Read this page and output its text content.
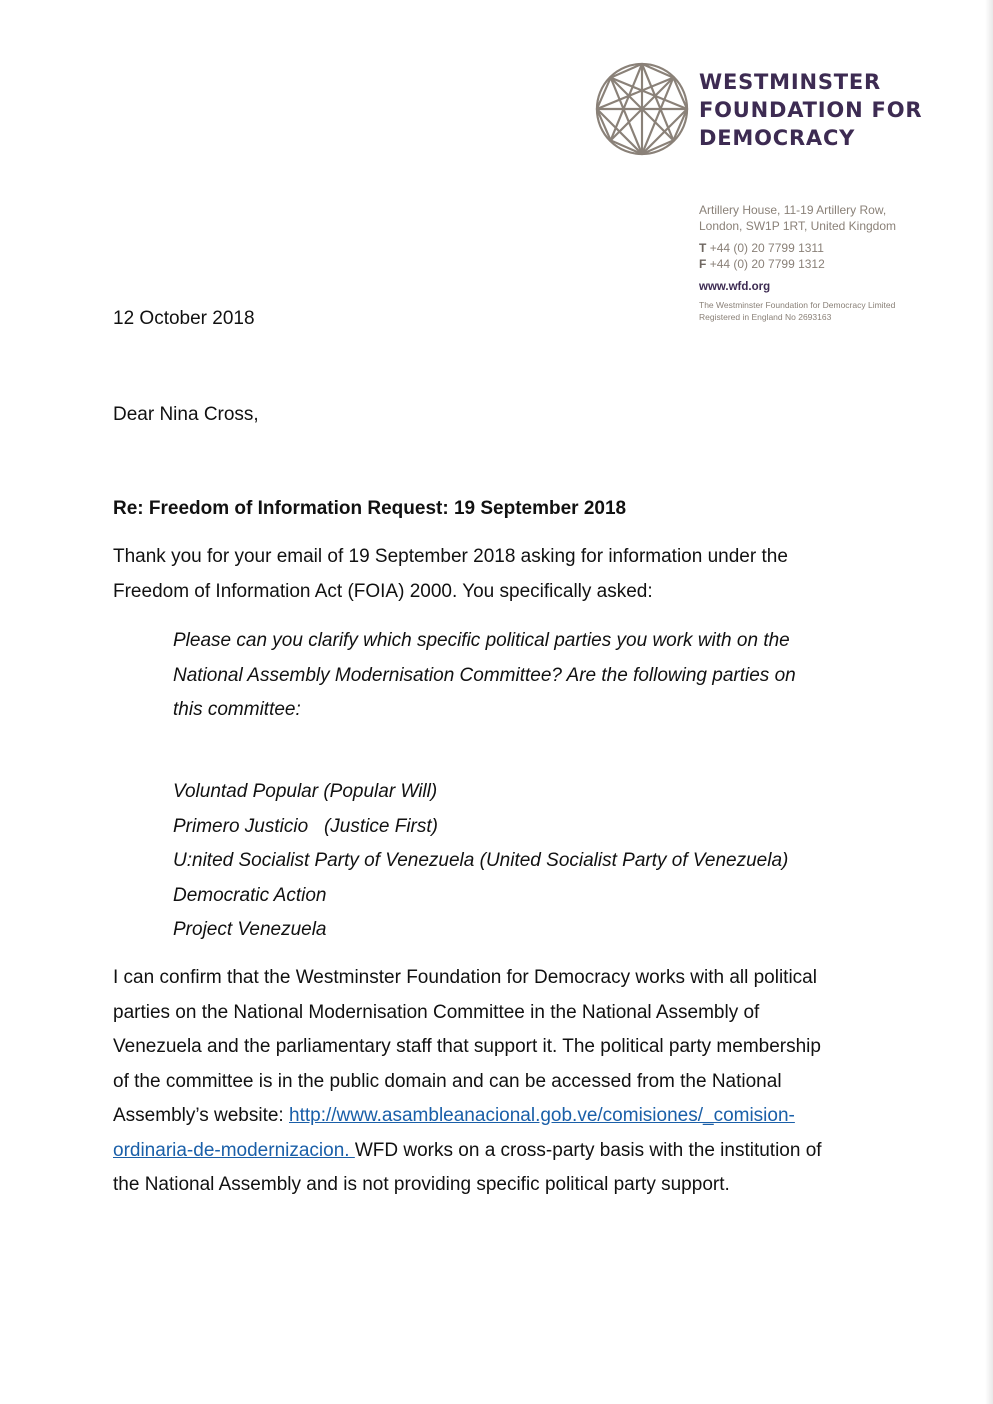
WESTMINSTER
FOUNDATION FOR
DEMOCRACY
Artillery House, 11-19 Artillery Row,
London, SW1P 1RT, United Kingdom
T +44 (0) 20 7799 1311
F +44 (0) 20 7799 1312
www.wfd.org
The Westminster Foundation for Democracy Limited
Registered in England No 2693163
12 October 2018
Dear Nina Cross,
Re: Freedom of Information Request: 19 September 2018
Thank you for your email of 19 September 2018 asking for information under the
Freedom of Information Act (FOIA) 2000. You specifically asked:
Please can you clarify which specific political parties you work with on the
National Assembly Modernisation Committee? Are the following parties on
this committee:
Voluntad Popular (Popular Will)
Primero Justicio   (Justice First)
U:nited Socialist Party of Venezuela (United Socialist Party of Venezuela)
Democratic Action
Project Venezuela
I can confirm that the Westminster Foundation for Democracy works with all political
parties on the National Modernisation Committee in the National Assembly of
Venezuela and the parliamentary staff that support it. The political party membership
of the committee is in the public domain and can be accessed from the National
Assembly’s website: http://www.asambleanacional.gob.ve/comisiones/_comision-
ordinaria-de-modernizacion. WFD works on a cross-party basis with the institution of
the National Assembly and is not providing specific political party support.
